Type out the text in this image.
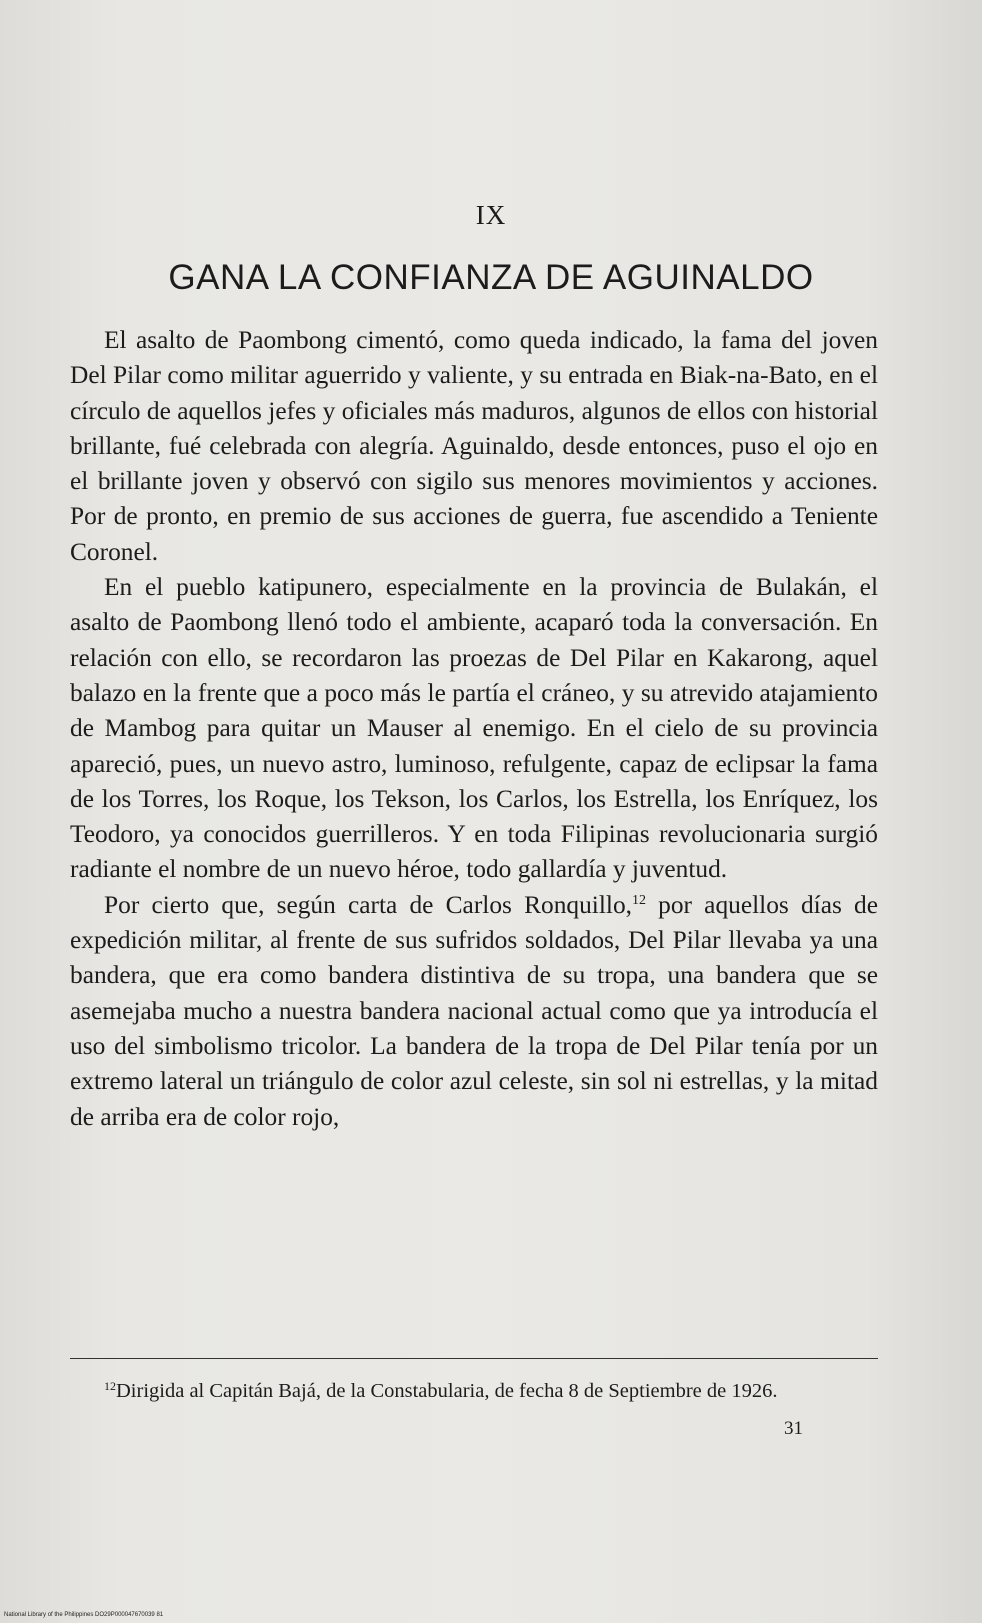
IX
GANA LA CONFIANZA DE AGUINALDO

El asalto de Paombong cimentó, como queda indicado, la fama del joven Del Pilar como militar aguerrido y valiente, y su entrada en Biak-na-Bato, en el círculo de aquellos jefes y oficiales más maduros, algunos de ellos con historial brillante, fué celebrada con alegría. Aguinaldo, desde entonces, puso el ojo en el brillante joven y observó con sigilo sus menores movimientos y acciones. Por de pronto, en premio de sus acciones de guerra, fue ascendido a Teniente Coronel.

En el pueblo katipunero, especialmente en la provincia de Bulakán, el asalto de Paombong llenó todo el ambiente, acaparó toda la conversación. En relación con ello, se recordaron las proezas de Del Pilar en Kakarong, aquel balazo en la frente que a poco más le partía el cráneo, y su atrevido atajamiento de Mambog para quitar un Mauser al enemigo. En el cielo de su provincia apareció, pues, un nuevo astro, luminoso, refulgente, capaz de eclipsar la fama de los Torres, los Roque, los Tekson, los Carlos, los Estrella, los Enríquez, los Teodoro, ya conocidos guerrilleros. Y en toda Filipinas revolucionaria surgió radiante el nombre de un nuevo héroe, todo gallardía y juventud.

Por cierto que, según carta de Carlos Ronquillo,$^{12}$ por aquellos días de expedición militar, al frente de sus sufridos soldados, Del Pilar llevaba ya una bandera, que era como bandera distintiva de su tropa, una bandera que se asemejaba mucho a nuestra bandera nacional actual como que ya introducía el uso del simbolismo tricolor. La bandera de la tropa de Del Pilar tenía por un extremo lateral un triángulo de color azul celeste, sin sol ni estrellas, y la mitad de arriba era de color rojo,

$^{12}$Dirigida al Capitán Bajá, de la Constabularia, de fecha 8 de Septiembre de 1926.

31
National Library of the Philippines DO29P000047670039 81
